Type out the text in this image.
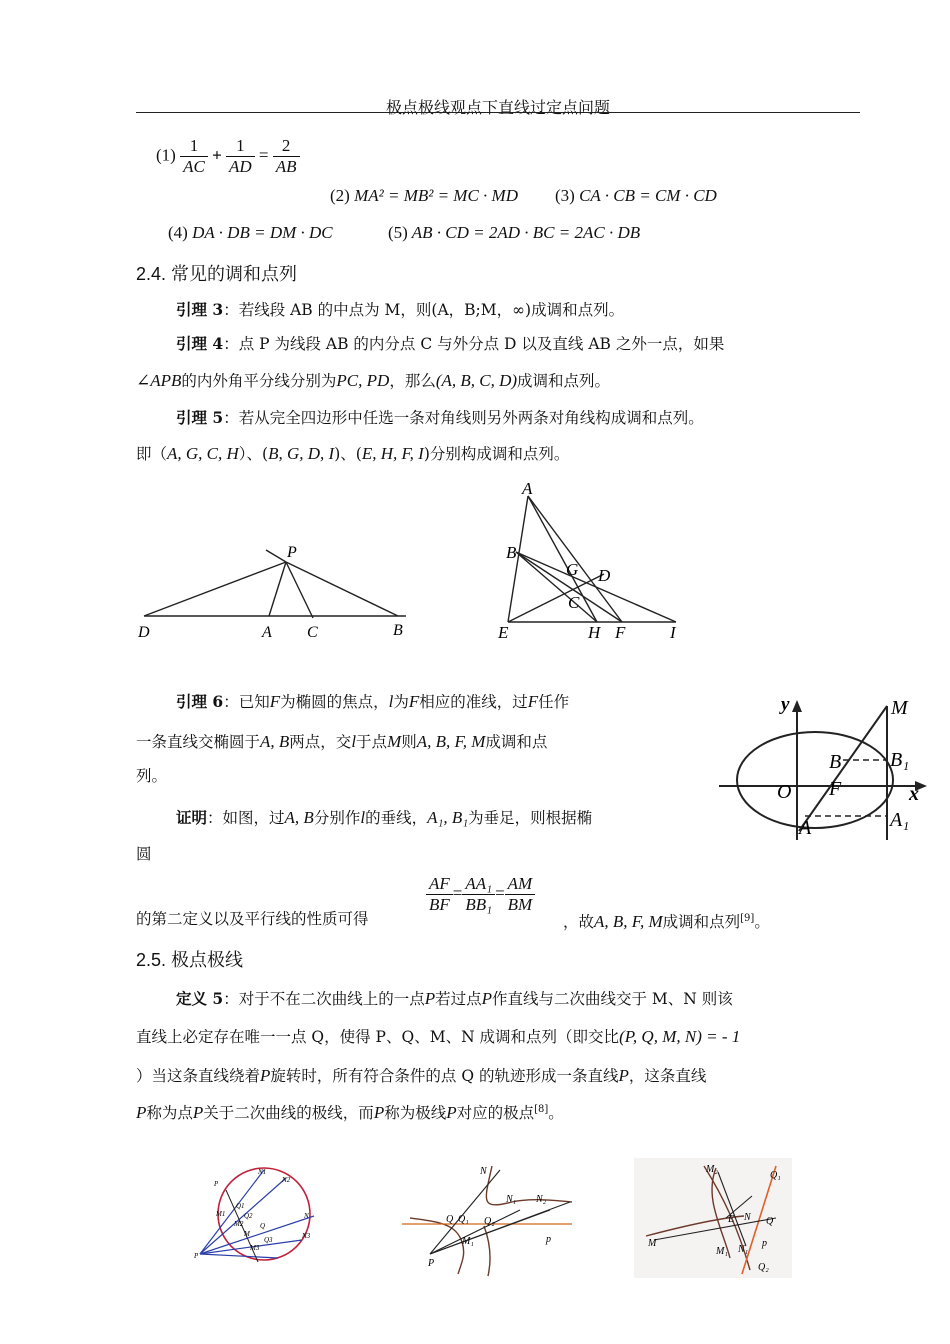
极点极线观点下直线过定点问题
$(1) \frac{1}{AC} + \frac{1}{AD} = \frac{2}{AB}$
(2) MA² = MB² = MC · MD (3) CA · CB = CM · CD
(4) DA · DB = DM · DC	(5) AB · CD = 2AD · BC = 2AC · DB
2.4. 常见的调和点列
引理 3：若线段 AB 的中点为 M，则(A，B;M，∞)成调和点列。
引理 4：点 P 为线段 AB 的内分点 C 与外分点 D 以及直线 AB 之外一点，如果
∠APB的内外角平分线分别为PC, PD，那么(A, B, C, D)成调和点列。
引理 5：若从完全四边形中任选一条对角线则另外两条对角线构成调和点列。
即（A, G, C, H）、(B, G, D, I)、(E, H, F, I)分别构成调和点列。
P
D	A C	B
A
B
G D
C
E	H F	I
引理 6：已知F为椭圆的焦点，l为F相应的准线，过F任作
一条直线交椭圆于A, B两点，交l于点M则A, B, F, M成调和点
列。
证明：如图，过A, B分别作l的垂线，A₁, B₁为垂足，则根据椭
圆
的第二定义以及平行线的性质可得
$\frac{AF}{BF} = \frac{\text{AA₁}}{\text{BB₁}} = \frac{AM}{BM}$
，故A, B, F, M成调和点列[9]。
y	M
B B₁
O F	x
A	A₁
2.5. 极点极线
定义 5：对于不在二次曲线上的一点P若过点P作直线与二次曲线交于 M、N 则该
直线上必定存在唯一一点 Q，使得 P、Q、M、N 成调和点列（即交比(P, Q, M, N) = - 1
）当这条直线绕着P旋转时，所有符合条件的点 Q 的轨迹形成一条直线P，这条直线
P称为点P关于二次曲线的极线，而P称为极线P对应的极点[8]。
N1
N2
P
M1
Q1
Q2
M2 Q
N
M
Q3	N3
M3
P
N
N₁ N₂
Q Q₁ Q₂
M₁
P
p
M₂
Q₁
E N Q
M
M₁ N₁
p
Q₂
